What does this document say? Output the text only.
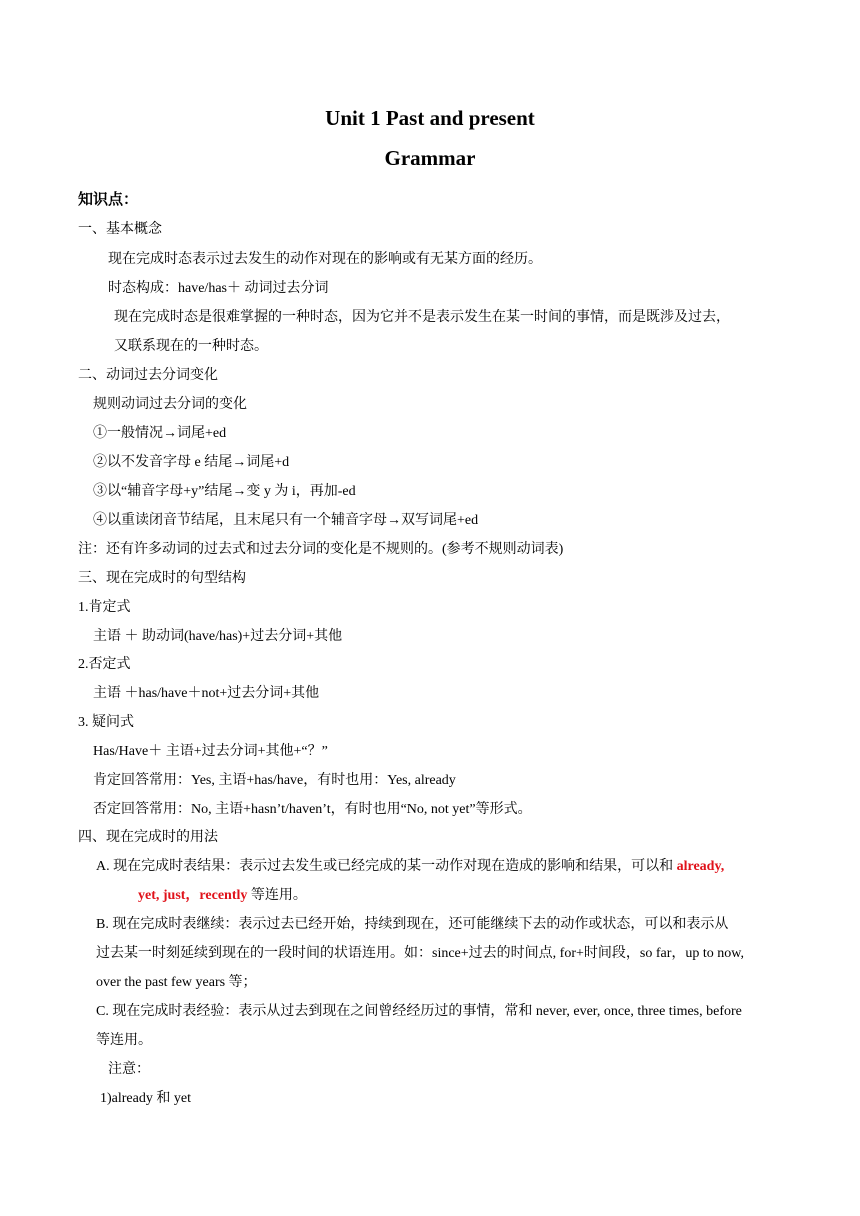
Unit 1 Past and present
Grammar
知识点：
一、基本概念
现在完成时态表示过去发生的动作对现在的影响或有无某方面的经历。
时态构成：have/has＋ 动词过去分词
现在完成时态是很难掌握的一种时态，因为它并不是表示发生在某一时间的事情，而是既涉及过去，
又联系现在的一种时态。
二、动词过去分词变化
规则动词过去分词的变化
①一般情况→词尾+ed
②以不发音字母 e 结尾→词尾+d
③以“辅音字母+y”结尾→变 y 为 i，再加-ed
④以重读闭音节结尾，且末尾只有一个辅音字母→双写词尾+ed
注：还有许多动词的过去式和过去分词的变化是不规则的。(参考不规则动词表)
三、现在完成时的句型结构
1.肯定式
主语 ＋ 助动词(have/has)+过去分词+其他
2.否定式
主语 ＋has/have＋not+过去分词+其他
3. 疑问式
Has/Have＋ 主语+过去分词+其他+“？”
肯定回答常用：Yes, 主语+has/have，有时也用：Yes, already
否定回答常用：No, 主语+hasn’t/haven’t，有时也用“No, not yet”等形式。
四、现在完成时的用法
A. 现在完成时表结果：表示过去发生或已经完成的某一动作对现在造成的影响和结果，可以和 already,
yet, just，recently 等连用。
B. 现在完成时表继续：表示过去已经开始，持续到现在，还可能继续下去的动作或状态，可以和表示从
过去某一时刻延续到现在的一段时间的状语连用。如：since+过去的时间点, for+时间段，so far，up to now,
over the past few years 等；
C. 现在完成时表经验：表示从过去到现在之间曾经经历过的事情，常和 never, ever, once, three times, before
等连用。
注意：
1)already 和 yet
